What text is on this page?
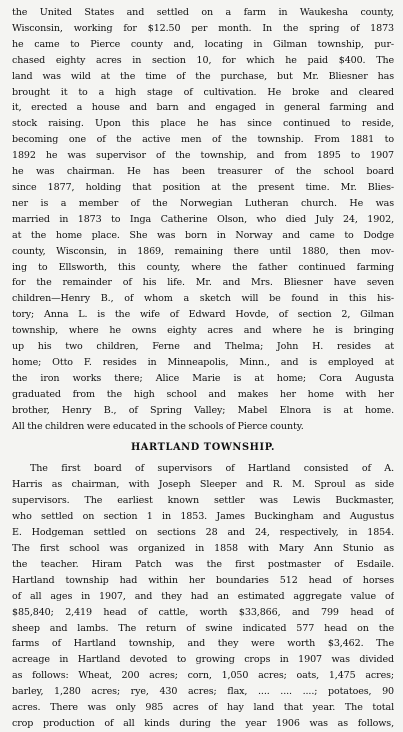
the United States and settled on a farm in Waukesha county,
Wisconsin, working for $12.50 per month. In the spring of 1873
he came to Pierce county and, locating in Gilman township, pur-
chased eighty acres in section 10, for which he paid $400. The
land was wild at the time of the purchase, but Mr. Bliesner has
brought it to a high stage of cultivation. He broke and cleared
it, erected a house and barn and engaged in general farming and
stock raising. Upon this place he has since continued to reside,
becoming one of the active men of the township. From 1881 to
1892 he was supervisor of the township, and from 1895 to 1907
he was chairman. He has been treasurer of the school board
since 1877, holding that position at the present time. Mr. Blies-
ner is a member of the Norwegian Lutheran church. He was
married in 1873 to Inga Catherine Olson, who died July 24, 1902,
at the home place. She was born in Norway and came to Dodge
county, Wisconsin, in 1869, remaining there until 1880, then mov-
ing to Ellsworth, this county, where the father continued farming
for the remainder of his life. Mr. and Mrs. Bliesner have seven
children—Henry B., of whom a sketch will be found in this his-
tory; Anna L. is the wife of Edward Hovde, of section 2, Gilman
township, where he owns eighty acres and where he is bringing
up his two children, Ferne and Thelma; John H. resides at
home; Otto F. resides in Minneapolis, Minn., and is employed at
the iron works there; Alice Marie is at home; Cora Augusta
graduated from the high school and makes her home with her
brother, Henry B., of Spring Valley; Mabel Elnora is at home.
All the children were educated in the schools of Pierce county.
HARTLAND TOWNSHIP.
The first board of supervisors of Hartland consisted of A.
Harris as chairman, with Joseph Sleeper and R. M. Sproul as side
supervisors. The earliest known settler was Lewis Buckmaster,
who settled on section 1 in 1853. James Buckingham and Augustus
E. Hodgeman settled on sections 28 and 24, respectively, in 1854.
The first school was organized in 1858 with Mary Ann Stunio as
the teacher. Hiram Patch was the first postmaster of Esdaile.
Hartland township had within her boundaries 512 head of horses
of all ages in 1907, and they had an estimated aggregate value of
$85,840; 2,419 head of cattle, worth $33,866, and 799 head of
sheep and lambs. The return of swine indicated 577 head on the
farms of Hartland township, and they were worth $3,462. The
acreage in Hartland devoted to growing crops in 1907 was divided
as follows: Wheat, 200 acres; corn, 1,050 acres; oats, 1,475 acres;
barley, 1,280 acres; rye, 430 acres; flax, .... .... ....; potatoes, 90
acres. There was only 985 acres of hay land that year. The total
crop production of all kinds during the year 1906 was as follows,
